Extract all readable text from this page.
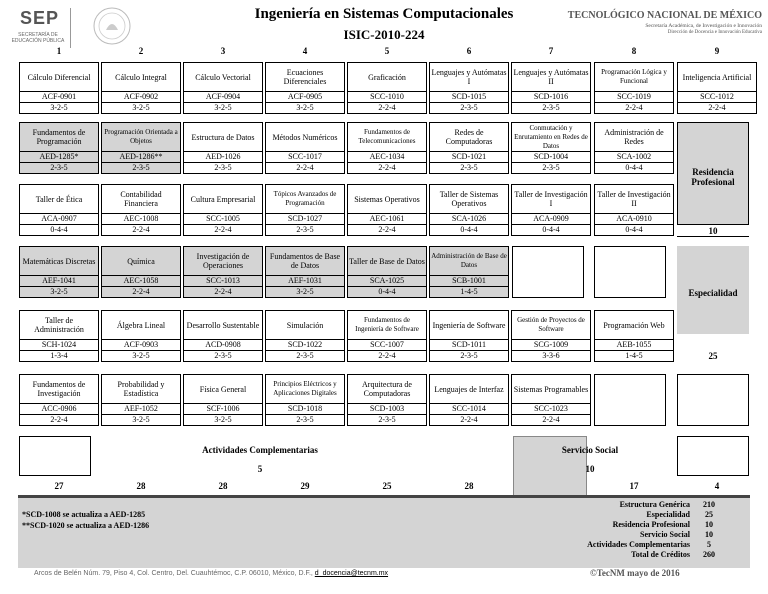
SEP
SECRETARÍA DE EDUCACIÓN PÚBLICA
Ingeniería en Sistemas Computacionales
ISIC-2010-224
TECNOLÓGICO NACIONAL DE MÉXICO
Secretaría Académica, de Investigación e Innovación
Dirección de Docencia e Innovación Educativa
1	2	3	4	5	6	7	8	9
Cálculo Diferencial
ACF-0901
3-2-5
Cálculo Integral
ACF-0902
3-2-5
Cálculo Vectorial
ACF-0904
3-2-5
Ecuaciones Diferenciales
ACF-0905
3-2-5
Graficación
SCC-1010
2-2-4
Lenguajes y Autómatas I
SCD-1015
2-3-5
Lenguajes y Autómatas II
SCD-1016
2-3-5
Programación Lógica y Funcional
SCC-1019
2-2-4
Inteligencia Artificial
SCC-1012
2-2-4
Fundamentos de Programación
AED-1285*
2-3-5
Programación Orientada a Objetos
AED-1286**
2-3-5
Estructura de Datos
AED-1026
2-3-5
Métodos Numéricos
SCC-1017
2-2-4
Fundamentos de Telecomunicaciones
AEC-1034
2-2-4
Redes de Computadoras
SCD-1021
2-3-5
Conmutación y Enrutamiento en Redes de Datos
SCD-1004
2-3-5
Administración de Redes
SCA-1002
0-4-4
Taller de Ética
ACA-0907
0-4-4
Contabilidad Financiera
AEC-1008
2-2-4
Cultura Empresarial
SCC-1005
2-2-4
Tópicos Avanzados de Programación
SCD-1027
2-3-5
Sistemas Operativos
AEC-1061
2-2-4
Taller de Sistemas Operativos
SCA-1026
0-4-4
Taller de Investigación I
ACA-0909
0-4-4
Taller de Investigación II
ACA-0910
0-4-4
Matemáticas Discretas
AEF-1041
3-2-5
Química
AEC-1058
2-2-4
Investigación de Operaciones
SCC-1013
2-2-4
Fundamentos de Base de Datos
AEF-1031
3-2-5
Taller de Base de Datos
SCA-1025
0-4-4
Administración de Base de Datos
SCB-1001
1-4-5
Taller de Administración
SCH-1024
1-3-4
Álgebra Lineal
ACF-0903
3-2-5
Desarrollo Sustentable
ACD-0908
2-3-5
Simulación
SCD-1022
2-3-5
Fundamentos de Ingeniería de Software
SCC-1007
2-2-4
Ingeniería de Software
SCD-1011
2-3-5
Gestión de Proyectos de Software
SCG-1009
3-3-6
Programación Web
AEB-1055
1-4-5
Fundamentos de Investigación
ACC-0906
2-2-4
Probabilidad y Estadística
AEF-1052
3-2-5
Física General
SCF-1006
3-2-5
Principios Eléctricos y Aplicaciones Digitales
SCD-1018
2-3-5
Arquitectura de Computadoras
SCD-1003
2-3-5
Lenguajes de Interfaz
SCC-1014
2-2-4
Sistemas Programables
SCC-1023
2-2-4
Residencia Profesional
10
Especialidad
25
Actividades Complementarias
5
Servicio Social
10
27	28	28	29	25	28	17	4
*SCD-1008 se actualiza a AED-1285
**SCD-1020 se actualiza a AED-1286
Estructura Genérica	210
Especialidad	25
Residencia Profesional	10
Servicio Social	10
Actividades Complementarias	5
Total de Créditos	260
Arcos de Belén Núm. 79, Piso 4, Col. Centro, Del. Cuauhtémoc, C.P. 06010, México, D.F., d_docencia@tecnm.mx	©TecNM mayo de 2016
